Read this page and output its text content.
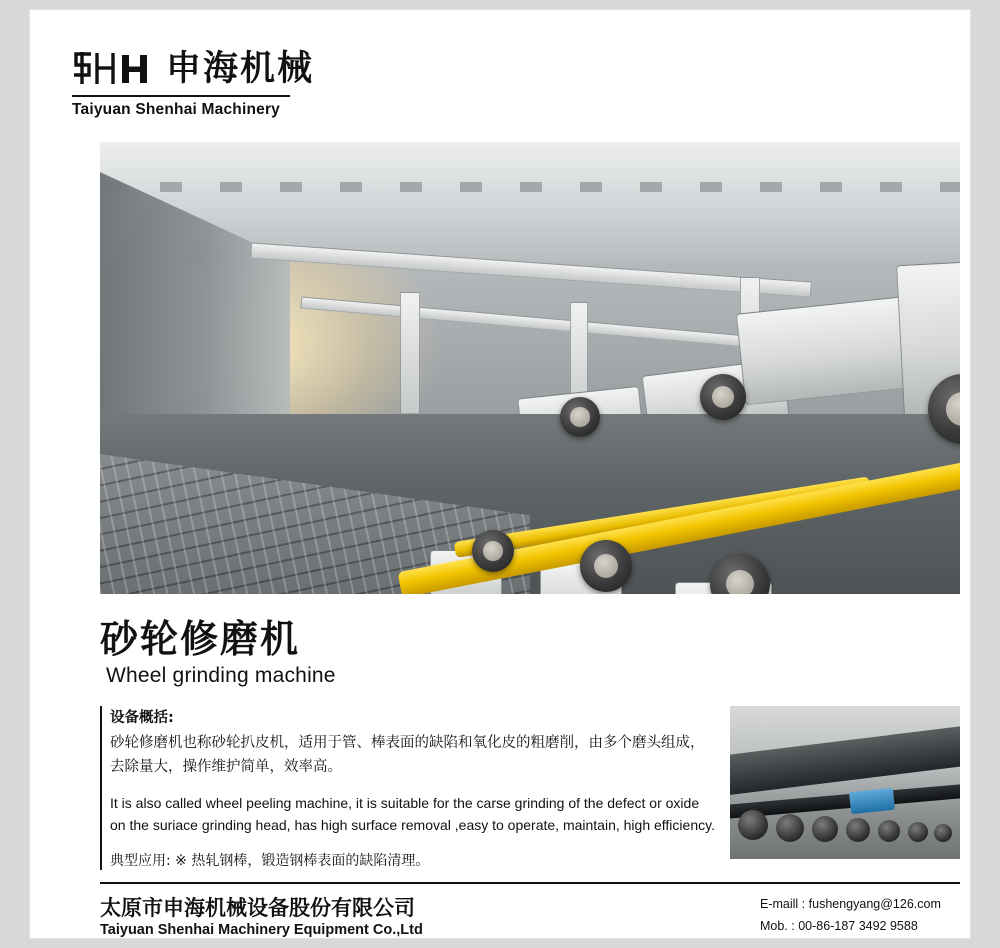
申海机械
Taiyuan Shenhai Machinery
砂轮修磨机
Wheel grinding machine
设备概括:
砂轮修磨机也称砂轮扒皮机，适用于管、棒表面的缺陷和氧化皮的粗磨削，由多个磨头组成，
去除量大，操作维护简单，效率高。
It is also called wheel peeling machine, it is suitable for the carse grinding of the defect or oxide
on the suriace grinding head, has high surface removal ,easy to operate, maintain, high efficiency.
典型应用: ※ 热轧钢棒，锻造钢棒表面的缺陷清理。
太原市申海机械设备股份有限公司
Taiyuan Shenhai Machinery Equipment Co.,Ltd
E-maill : fushengyang@126.com
Mob. : 00-86-187 3492 9588
